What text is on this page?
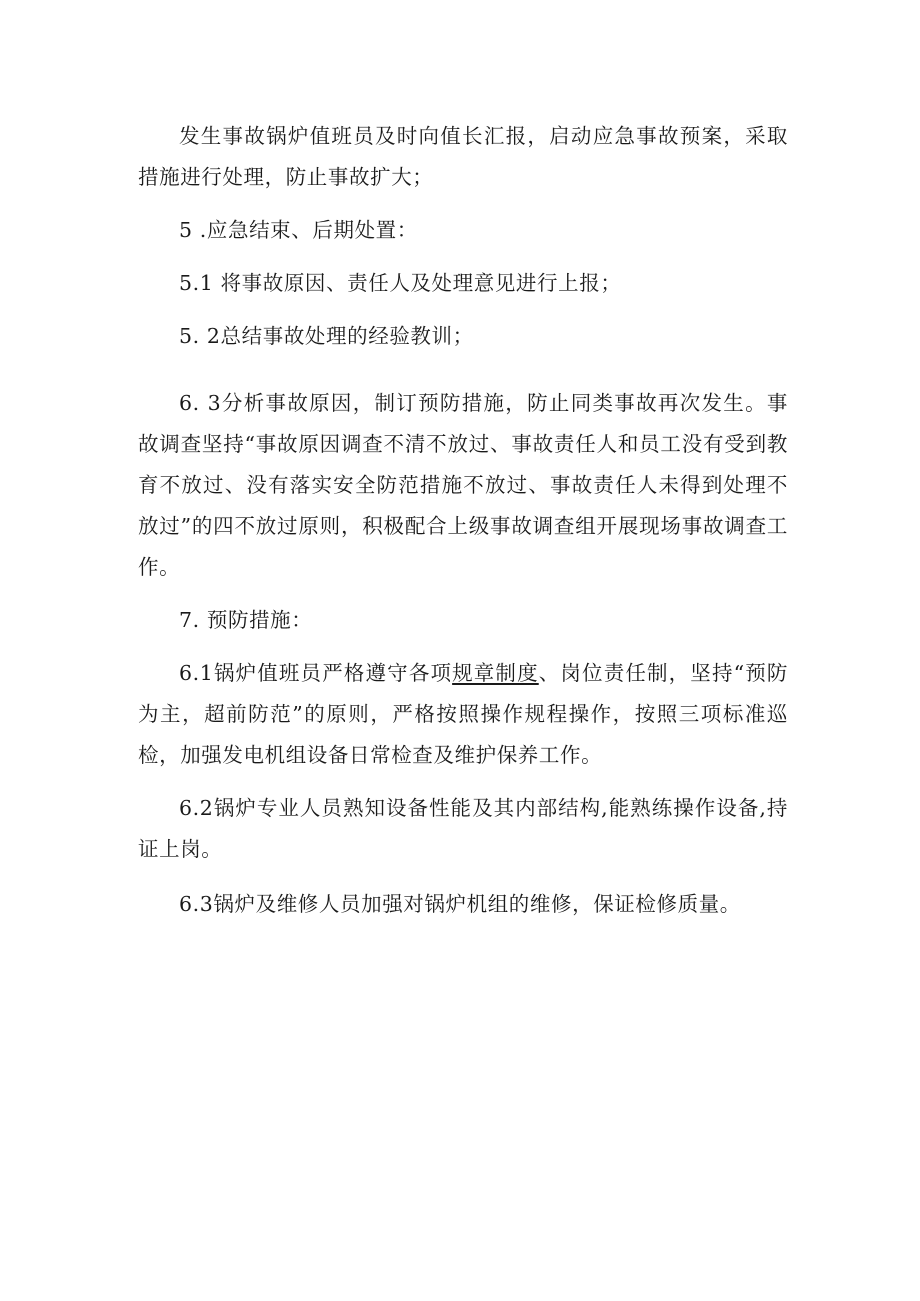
发生事故锅炉值班员及时向值长汇报，启动应急事故预案，采取措施进行处理，防止事故扩大；

5 .应急结束、后期处置：

5.1 将事故原因、责任人及处理意见进行上报；

5. 2总结事故处理的经验教训；

6. 3分析事故原因，制订预防措施，防止同类事故再次发生。事故调查坚持“事故原因调查不清不放过、事故责任人和员工没有受到教育不放过、没有落实安全防范措施不放过、事故责任人未得到处理不放过”的四不放过原则，积极配合上级事故调查组开展现场事故调查工作。

7. 预防措施：

6.1锅炉值班员严格遵守各项规章制度、岗位责任制，坚持“预防为主，超前防范”的原则，严格按照操作规程操作，按照三项标准巡检，加强发电机组设备日常检查及维护保养工作。

6.2锅炉专业人员熟知设备性能及其内部结构,能熟练操作设备,持证上岗。

6.3锅炉及维修人员加强对锅炉机组的维修，保证检修质量。
